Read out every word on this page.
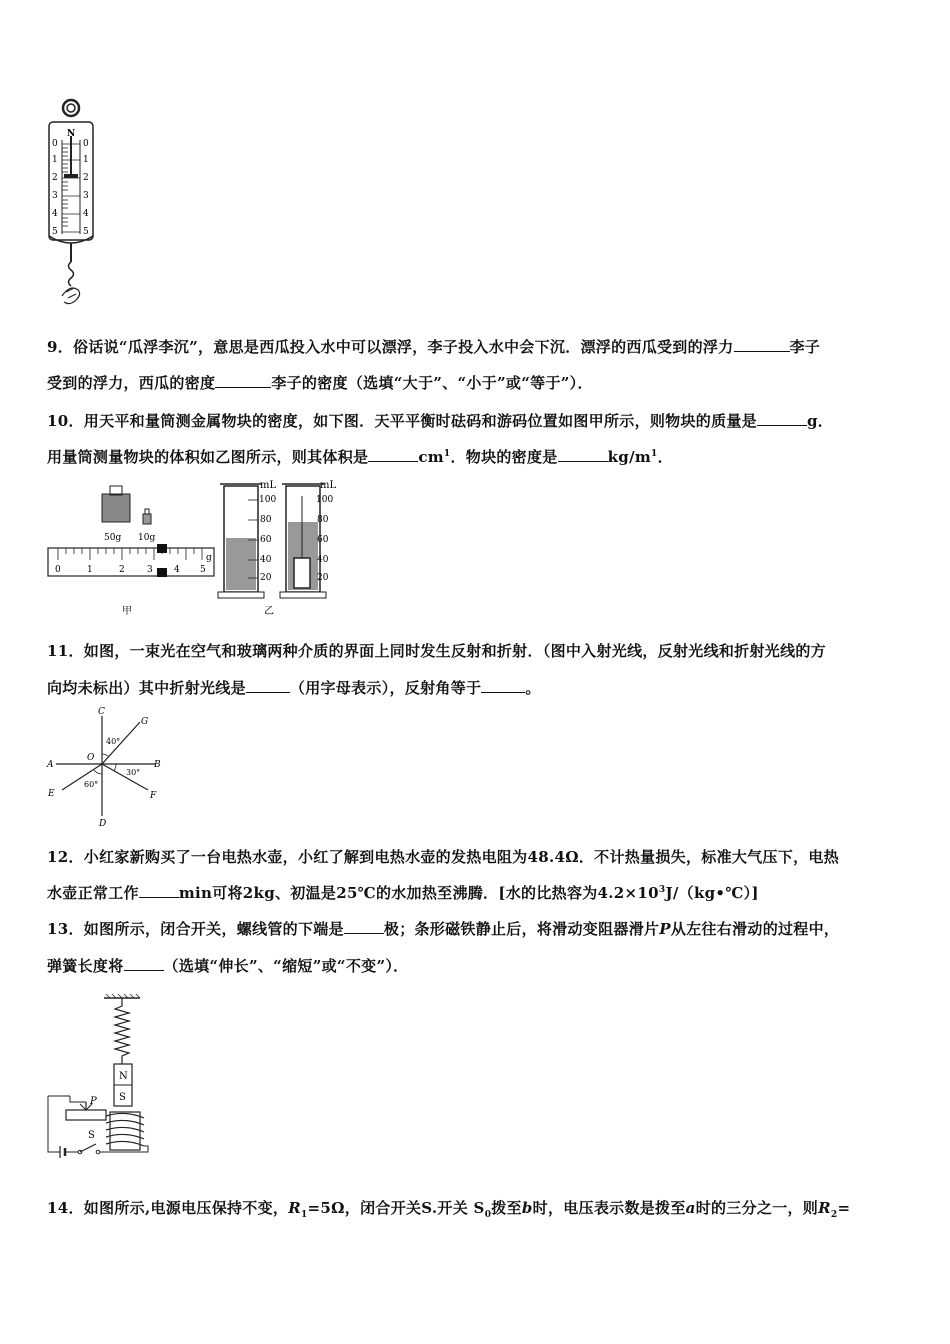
N
0
1
2
3
4
5
0
1
2
3
4
5
9．俗话说“瓜浮李沉”，意思是西瓜投入水中可以漂浮，李子投入水中会下沉．漂浮的西瓜受到的浮力	李子
受到的浮力，西瓜的密度	李子的密度（选填“大于”、“小于”或“等于”）．
10．用天平和量筒测金属物块的密度，如下图．天平平衡时砝码和游码位置如图甲所示，则物块的质量是	g．
用量筒测量物块的体积如乙图所示，则其体积是	$cm^1$．物块的密度是	$kg/m^1$．
50g 10g
0	1	2 3 4 5
g
甲
mL
100
80
60
40
20
mL
100
80
60
40
20
乙
11．如图，一束光在空气和玻璃两种介质的界面上同时发生反射和折射．（图中入射光线，反射光线和折射光线的方
向均未标出）其中折射光线是	（用字母表示），反射角等于	。
C
G
O
A	B
E	F
D
40°
30°
60°
12．小红家新购买了一台电热水壶，小红了解到电热水壶的发热电阻为48.4Ω．不计热量损失，标准大气压下，电热
水壶正常工作	min可将2kg、初温是25℃的水加热至沸腾．[水的比热容为$4.2\times 10^3J/(kg•℃)$]
13．如图所示，闭合开关，螺线管的下端是	极；条形磁铁静止后，将滑动变阻器滑片P从左往右滑动的过程中，
弹簧长度将	（选填“伸长”、“缩短”或“不变”）．
N
S
P
S
14．如图所示,电源电压保持不变，$R_1=5\Omega$，闭合开关S.开关 $S_0$拨至b时，电压表示数是拨至a时的三分之一，则$R_2=$
